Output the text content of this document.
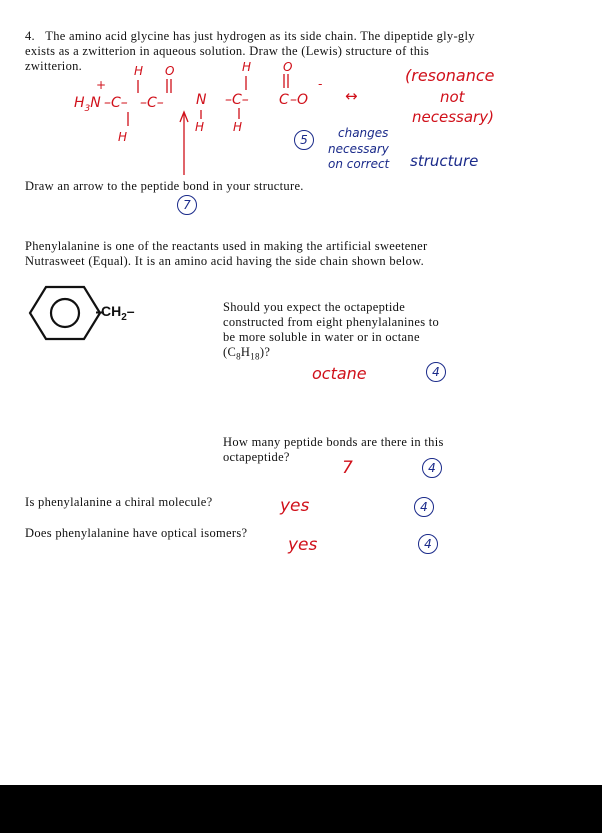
4. The amino acid glycine has just hydrogen as its side chain. The dipeptide gly-gly
exists as a zwitterion in aqueous solution. Draw the (Lewis) structure of this
zwitterion.
+
$H_3N$
H O	H	O
-
–C– –C– N –C– C –O
H
H H
↔
(resonance
not
necessary)
5	changes
necessary
on correct structure
Draw an arrow to the peptide bond in your structure.
7
Phenylalanine is one of the reactants used in making the artificial sweetener
Nutrasweet (Equal). It is an amino acid having the side chain shown below.
$CH_2-$	Should you expect the octapeptide
constructed from eight phenylalanines to
be more soluble in water or in octane
$(C_8H_{18})$?
octane	4
How many peptide bonds are there in this
octapeptide?
7	4
Is phenylalanine a chiral molecule?	yes	4
Does phenylalanine have optical isomers?
yes	4
